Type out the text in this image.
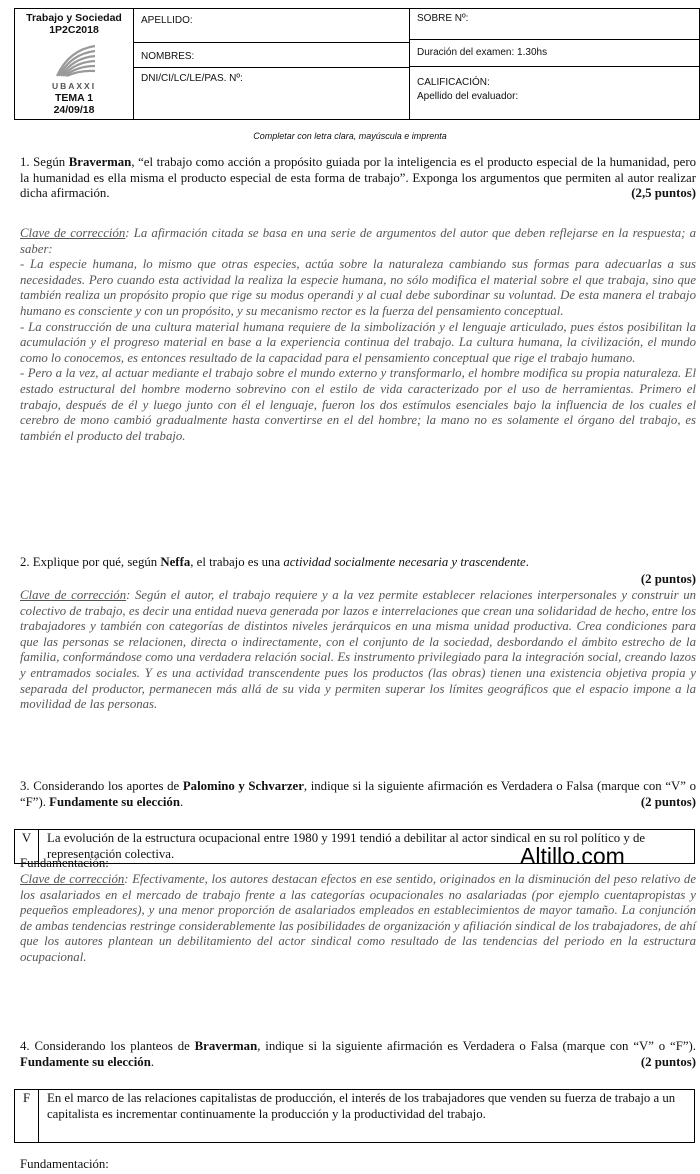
Trabajo y Sociedad
1P2C2018
UBAXXI
TEMA 1
24/09/18
APELLIDO:
NOMBRES:
DNI/CI/LC/LE/PAS. Nº:
SOBRE Nº:
Duración del examen: 1.30hs
CALIFICACIÓN:
Apellido del evaluador:
Completar con letra clara, mayúscula e imprenta
1. Según Braverman, “el trabajo como acción a propósito guiada por la inteligencia es el producto especial de la humanidad, pero la humanidad es ella misma el producto especial de esta forma de trabajo”. Exponga los argumentos que permiten al autor realizar dicha afirmación.	(2,5 puntos)
Clave de corrección: La afirmación citada se basa en una serie de argumentos del autor que deben reflejarse en la respuesta; a saber:
- La especie humana, lo mismo que otras especies, actúa sobre la naturaleza cambiando sus formas para adecuarlas a sus necesidades. Pero cuando esta actividad la realiza la especie humana, no sólo modifica el material sobre el que trabaja, sino que también realiza un propósito propio que rige su modus operandi y al cual debe subordinar su voluntad. De esta manera el trabajo humano es consciente y con un propósito, y su mecanismo rector es la fuerza del pensamiento conceptual.
- La construcción de una cultura material humana requiere de la simbolización y el lenguaje articulado, pues éstos posibilitan la acumulación y el progreso material en base a la experiencia continua del trabajo. La cultura humana, la civilización, el mundo como lo conocemos, es entonces resultado de la capacidad para el pensamiento conceptual que rige el trabajo humano.
- Pero a la vez, al actuar mediante el trabajo sobre el mundo externo y transformarlo, el hombre modifica su propia naturaleza. El estado estructural del hombre moderno sobrevino con el estilo de vida caracterizado por el uso de herramientas. Primero el trabajo, después de él y luego junto con él el lenguaje, fueron los dos estímulos esenciales bajo la influencia de los cuales el cerebro de mono cambió gradualmente hasta convertirse en el del hombre; la mano no es solamente el órgano del trabajo, es también el producto del trabajo.
2. Explique por qué, según Neffa, el trabajo es una actividad socialmente necesaria y trascendente.
(2 puntos)
Clave de corrección: Según el autor, el trabajo requiere y a la vez permite establecer relaciones interpersonales y construir un colectivo de trabajo, es decir una entidad nueva generada por lazos e interrelaciones que crean una solidaridad de hecho, entre los trabajadores y también con categorías de distintos niveles jerárquicos en una misma unidad productiva. Crea condiciones para que las personas se relacionen, directa o indirectamente, con el conjunto de la sociedad, desbordando el ámbito estrecho de la familia, conformándose como una verdadera relación social. Es instrumento privilegiado para la integración social, creando lazos y entramados sociales. Y es una actividad transcendente pues los productos (las obras) tienen una existencia objetiva propia y separada del productor, permanecen más allá de su vida y permiten superar los límites geográficos que el espacio impone a la movilidad de las personas.
3. Considerando los aportes de Palomino y Schvarzer, indique si la siguiente afirmación es Verdadera o Falsa (marque con “V” o “F”). Fundamente su elección.	(2 puntos)
V	La evolución de la estructura ocupacional entre 1980 y 1991 tendió a debilitar al actor sindical en su rol político y de representación colectiva.
Fundamentación:
Clave de corrección: Efectivamente, los autores destacan efectos en ese sentido, originados en la disminución del peso relativo de los asalariados en el mercado de trabajo frente a las categorías ocupacionales no asalariadas (por ejemplo cuentapropistas y pequeños empleadores), y una menor proporción de asalariados empleados en establecimientos de mayor tamaño. La conjunción de ambas tendencias restringe considerablemente las posibilidades de organización y afiliación sindical de los trabajadores, de ahí que los autores plantean un debilitamiento del actor sindical como resultado de las tendencias del periodo en la estructura ocupacional.
Altillo.com
4. Considerando los planteos de Braverman, indique si la siguiente afirmación es Verdadera o Falsa (marque con “V” o “F”). Fundamente su elección.	(2 puntos)
F	En el marco de las relaciones capitalistas de producción, el interés de los trabajadores que venden su fuerza de trabajo a un capitalista es incrementar continuamente la producción y la productividad del trabajo.
Fundamentación:
